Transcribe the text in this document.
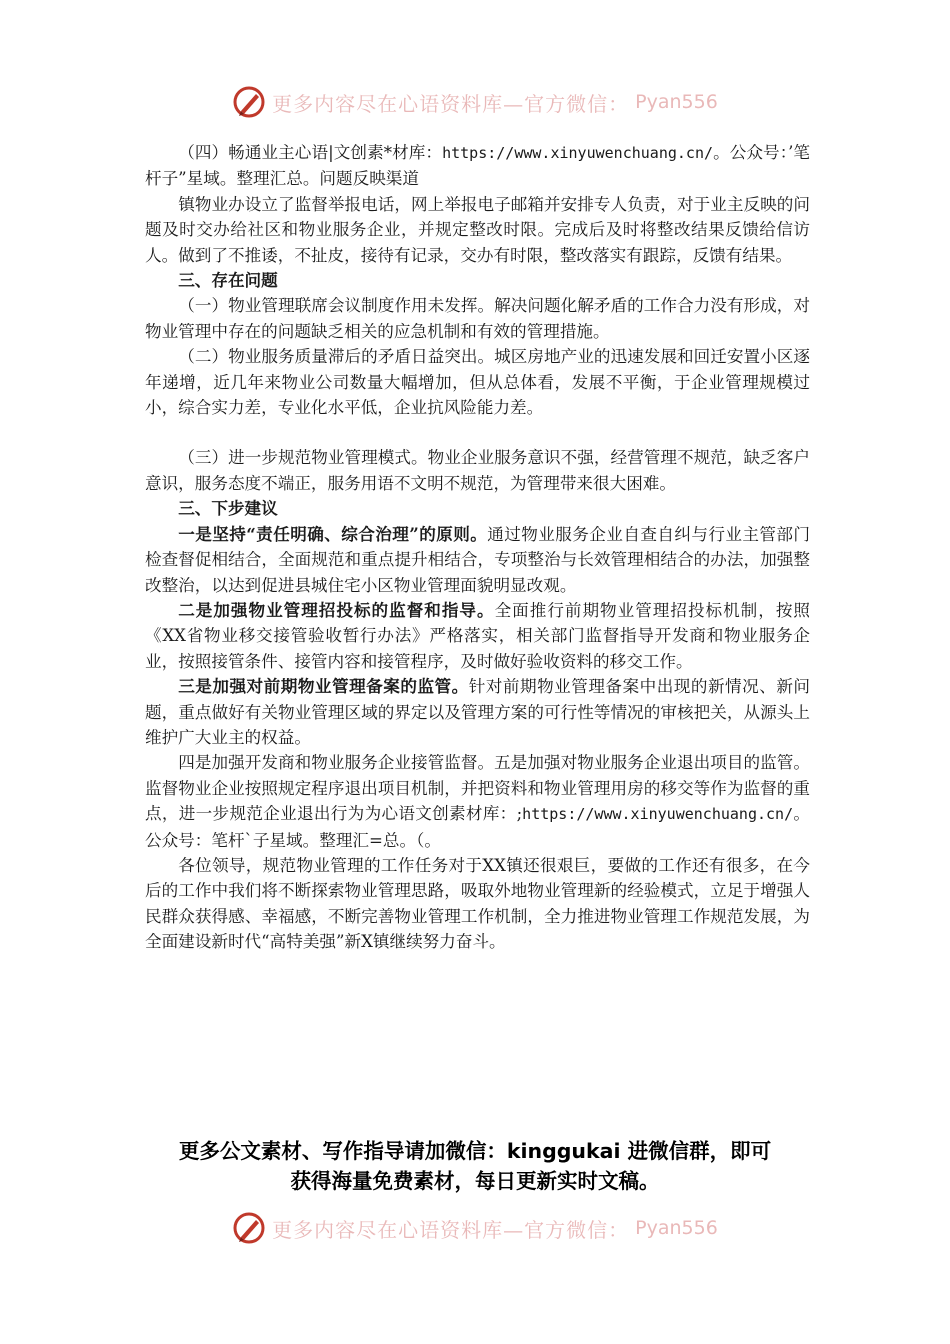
更多内容尽在心语资料库—官方微信： Pyan556

（四）畅通业主心语|文创素*材库：https://www.xinyuwenchuang.cn/。公众号：’笔杆子”星域。整理汇总。问题反映渠道

镇物业办设立了监督举报电话，网上举报电子邮箱并安排专人负责，对于业主反映的问题及时交办给社区和物业服务企业，并规定整改时限。完成后及时将整改结果反馈给信访人。做到了不推诿，不扯皮，接待有记录，交办有时限，整改落实有跟踪，反馈有结果。

三、存在问题

（一）物业管理联席会议制度作用未发挥。解决问题化解矛盾的工作合力没有形成，对物业管理中存在的问题缺乏相关的应急机制和有效的管理措施。

（二）物业服务质量滞后的矛盾日益突出。城区房地产业的迅速发展和回迁安置小区逐年递增，近几年来物业公司数量大幅增加，但从总体看，发展不平衡，于企业管理规模过小，综合实力差，专业化水平低，企业抗风险能力差。

（三）进一步规范物业管理模式。物业企业服务意识不强，经营管理不规范，缺乏客户意识，服务态度不端正，服务用语不文明不规范，为管理带来很大困难。

三、下步建议

一是坚持“责任明确、综合治理”的原则。通过物业服务企业自查自纠与行业主管部门检查督促相结合，全面规范和重点提升相结合，专项整治与长效管理相结合的办法，加强整改整治，以达到促进县城住宅小区物业管理面貌明显改观。

二是加强物业管理招投标的监督和指导。全面推行前期物业管理招投标机制，按照《XX省物业移交接管验收暂行办法》严格落实，相关部门监督指导开发商和物业服务企业，按照接管条件、接管内容和接管程序，及时做好验收资料的移交工作。

三是加强对前期物业管理备案的监管。针对前期物业管理备案中出现的新情况、新问题，重点做好有关物业管理区域的界定以及管理方案的可行性等情况的审核把关，从源头上维护广大业主的权益。

四是加强开发商和物业服务企业接管监督。五是加强对物业服务企业退出项目的监管。监督物业企业按照规定程序退出项目机制，并把资料和物业管理用房的移交等作为监督的重点，进一步规范企业退出行为为心语文创素材库：;https://www.xinyuwenchuang.cn/。公众号：笔杆`子星域。整理汇=总。（。

各位领导，规范物业管理的工作任务对于XX镇还很艰巨，要做的工作还有很多，在今后的工作中我们将不断探索物业管理思路，吸取外地物业管理新的经验模式，立足于增强人民群众获得感、幸福感，不断完善物业管理工作机制，全力推进物业管理工作规范发展，为全面建设新时代“高特美强”新X镇继续努力奋斗。

更多公文素材、写作指导请加微信：kinggukai 进微信群，即可
获得海量免费素材，每日更新实时文稿。
更多内容尽在心语资料库—官方微信： Pyan556
